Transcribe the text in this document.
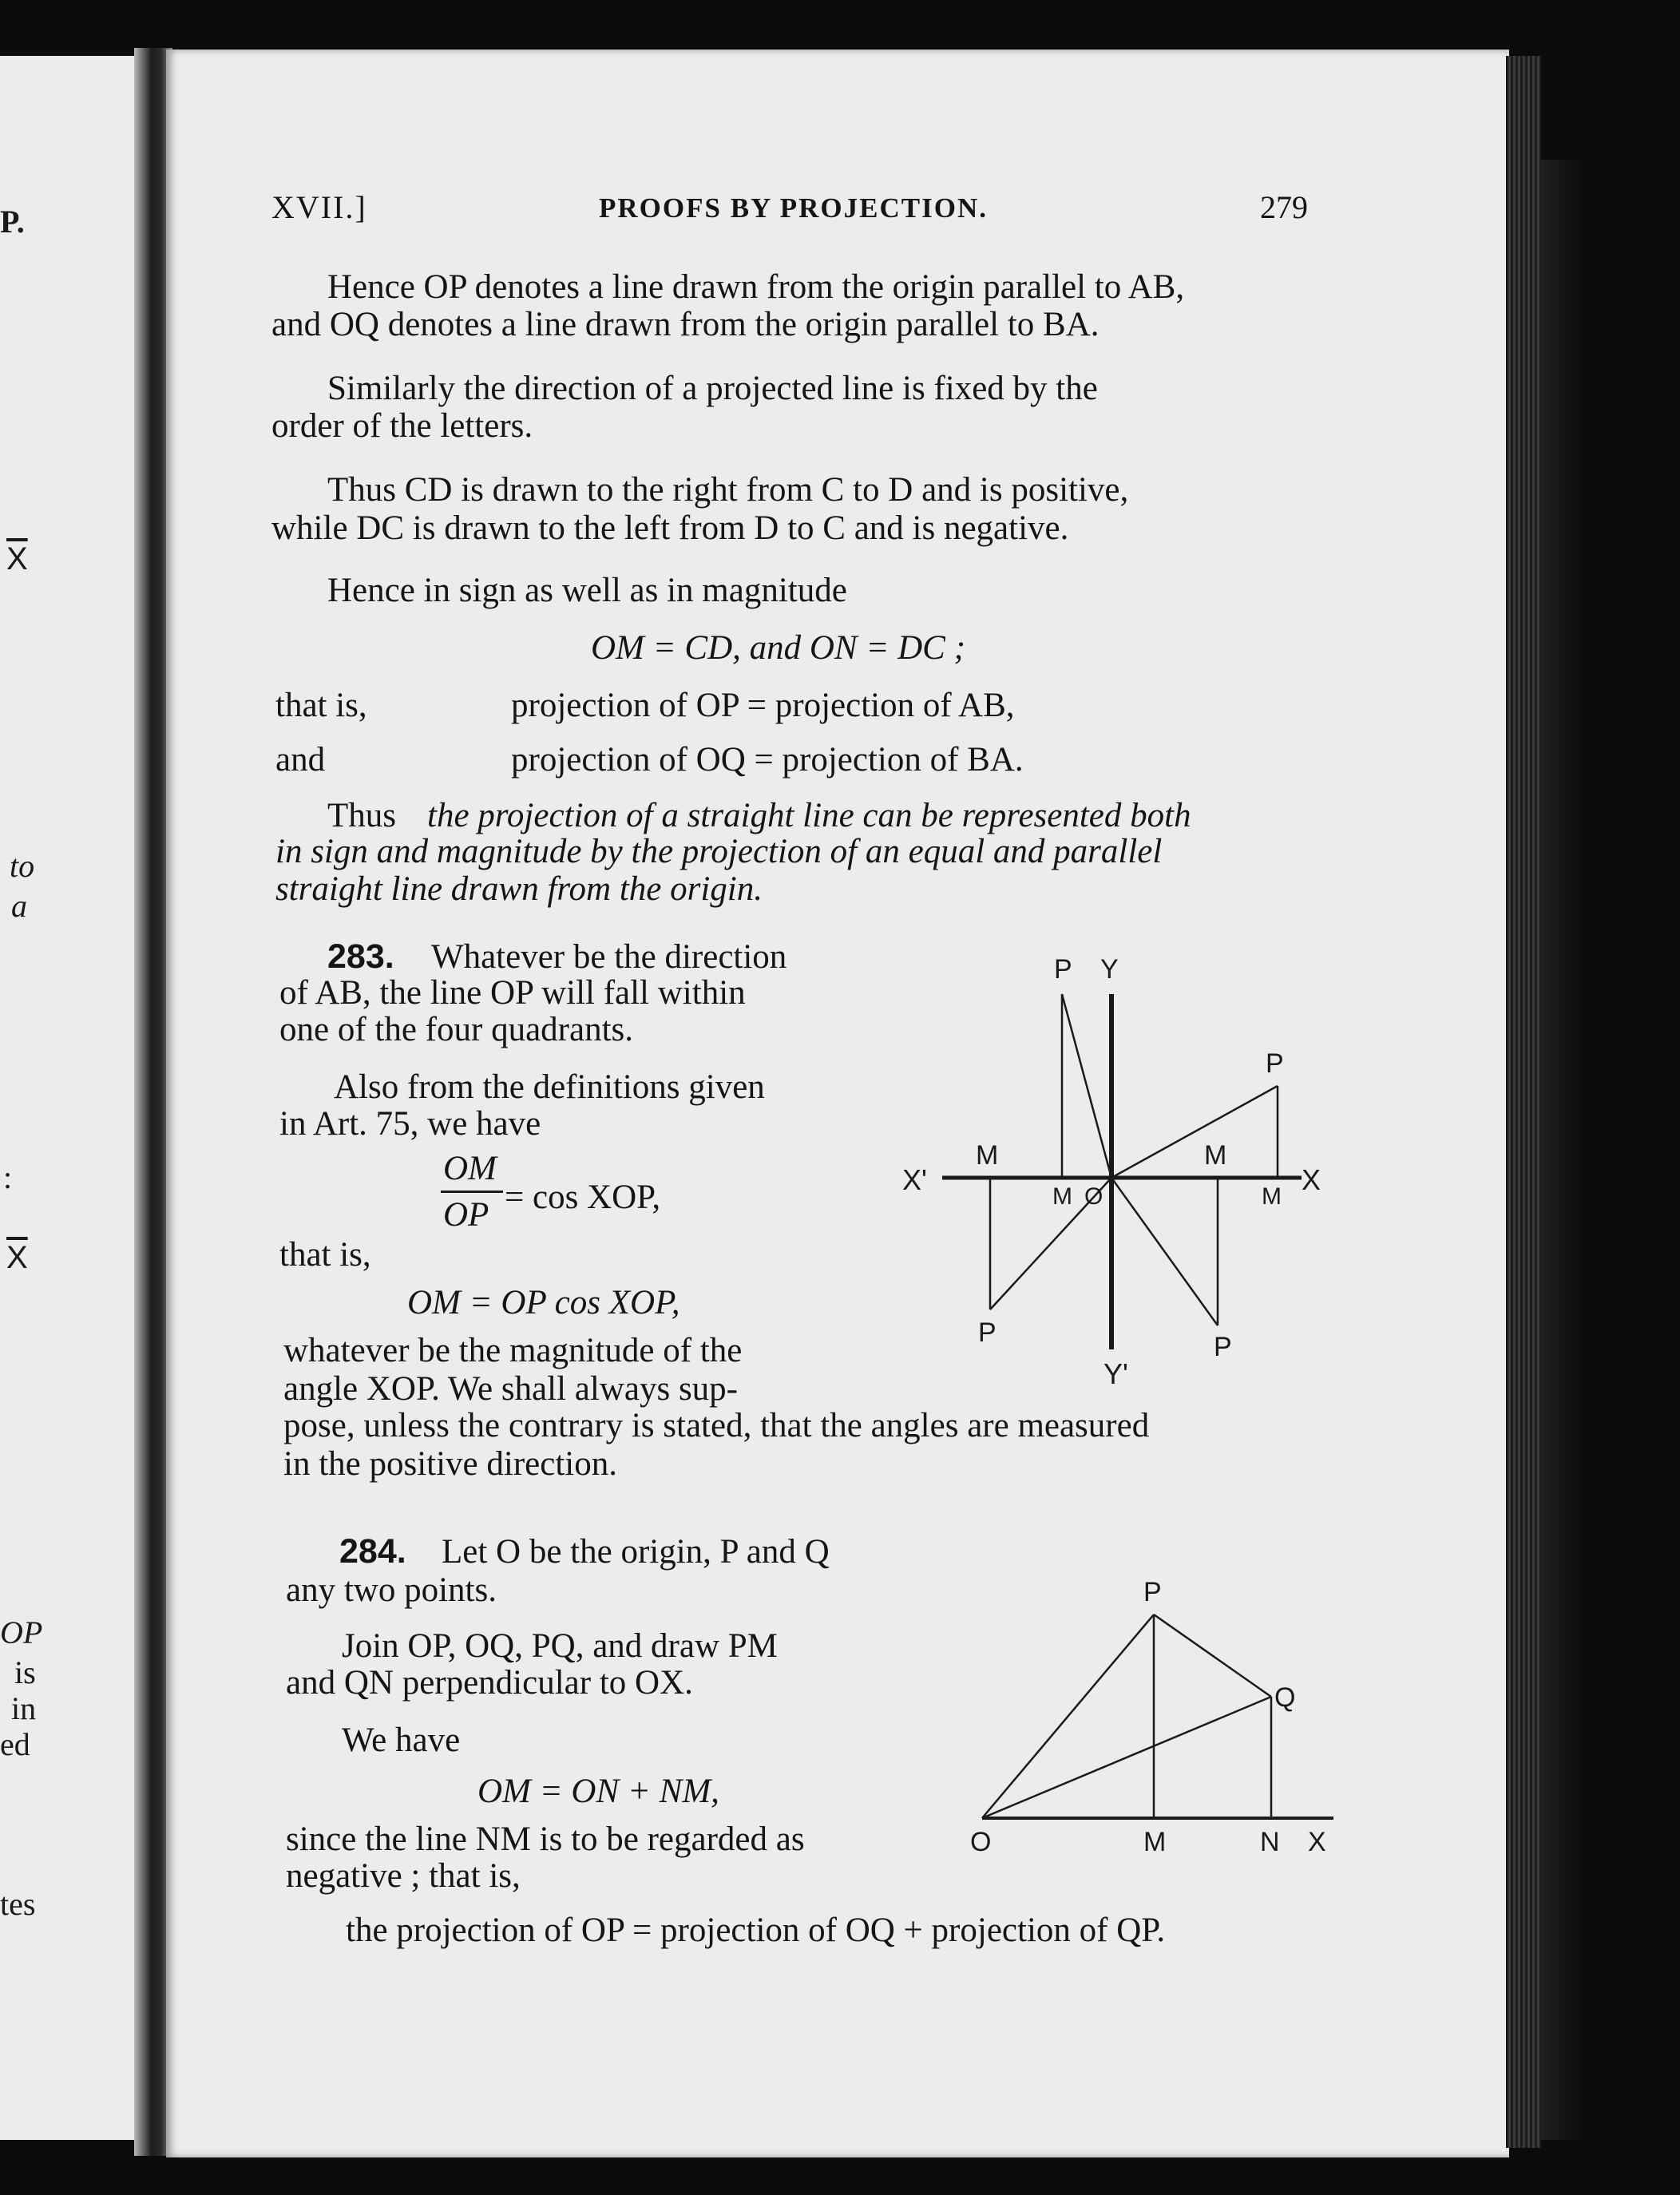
P.
$\overline{X}$
to
a
:
$\overline{X}$
OP
is
in
ed
tes
XVII.]	PROOFS BY PROJECTION.	279
Hence OP denotes a line drawn from the origin parallel to AB,
and OQ denotes a line drawn from the origin parallel to BA.
Similarly the direction of a projected line is fixed by the
order of the letters.
Thus CD is drawn to the right from C to D and is positive,
while DC is drawn to the left from D to C and is negative.
Hence in sign as well as in magnitude
OM = CD, and ON = DC ;
that is,	projection of OP = projection of AB,
and	projection of OQ = projection of BA.
Thus the projection of a straight line can be represented both
in sign and magnitude by the projection of an equal and parallel
straight line drawn from the origin.
283. Whatever be the direction
of AB, the line OP will fall within
one of the four quadrants.
Also from the definitions given
in Art. 75, we have
OM
OP = cos XOP,
that is,
OM = OP cos XOP,
whatever be the magnitude of the
angle XOP. We shall always sup-
pose, unless the contrary is stated, that the angles are measured
in the positive direction.
P Y
P
X'	X
M	M
M O	M
P	P
Y'
284. Let O be the origin, P and Q
any two points.
Join OP, OQ, PQ, and draw PM
and QN perpendicular to OX.
We have
OM = ON + NM,
since the line NM is to be regarded as
negative ; that is,
the projection of OP = projection of OQ + projection of QP.
P
Q
O	M	N X
